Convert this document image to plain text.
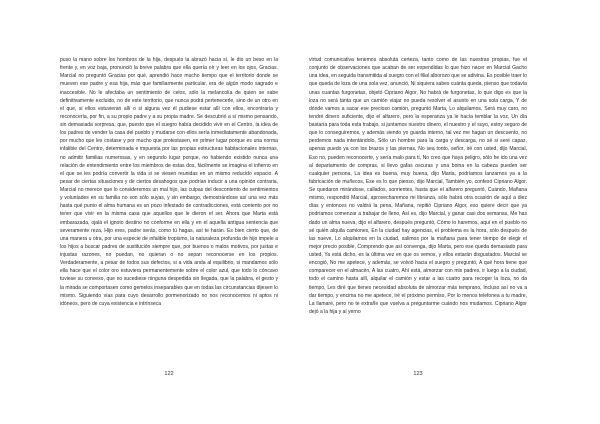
puso la mano sobre los hombros de la hija, después la abrazó hacia sí, le dio un beso en la frente y, en voz baja, pronunció la breve palabra que ella quería oír y leer en los ojos, Gracias. Marcial no preguntó Gracias por qué, aprendió hace mucho tiempo que el territorio donde se mueven ese padre y esa hija, más que familiarmente particular, era de algún modo sagrado e inaccesible. No le afectaba un sentimiento de celos, sólo la melancolía de quien se sabe definitivamente excluido, no de este territorio, que nunca podrá pertenecerle, sino de un otro en el que, si ellos estuvieran allí o si alguna vez él pudiese estar allí con ellos, encontraría y reconocería, por fin, a su propio padre y a su propia madre. Se descubrió a sí mismo pensando, sin demasiada sorpresa, que, puesto que el suegro había decidido vivir en el Centro, la idea de los padres de vender la casa del pueblo y mudarse con ellos sería inmediatamente abandonada, por mucho que les costase y por mucho que protestasen, en primer lugar porque es una norma infalible del Centro, determinada e impuesta por las propias estructuras habitacionales internas, no admitir familias numerosas, y en segundo lugar porque, no habiendo existido nunca una relación de entendimiento entre los miembros de estas dos, fácilmente se imagina el infierno en el que se les podría convertir la vida si se viesen reunidas en un mismo reducido espacio. A pesar de ciertas situaciones y de ciertos desahogos que podrían inducir a una opinión contraria, Marcial no merece que lo consideremos un mal hijo, las culpas del descontento de sentimientos y voluntades en su familia no son sólo suyas, y sin embargo, demostrándose así una vez más hasta qué punto el alma humana es un pozo infestado de contradicciones, está contento por no tener que vivir en la misma casa que aquellos que le dieron el ser. Ahora que Marta está embarazada, ojalá el ignoto destino no conforme en ella y en el aquella antigua sentencia que severamente reza, Hijo eres, padre serás, como tú hagas, así te harán. Es bien cierto que, de una manera u otra, por una especie de infalible tropismo, la naturaleza profunda de hijo impele a los hijos a buscar padres de sustitución siempre que, por buenos o malos motivos, por justas e injustas razones, no puedan, no quieran o no sepan reconocerse en los propios. Verdaderamente, a pesar de todos sus defectos, si a vida anda al equilibrio, si mandamos sólo ella hace que el color oro estuviera permanentemente sobre el color azul, que todo lo cóncavo tuviese su convexo, que no sucediese ninguna despedida sin llegada, que la palabra, el gesto y la mirada se comportasen como gemelos inseparables que en todas las circunstancias dijesen lo mismo. Siguiendo vías para cuyo desarrollo pormenorizado no nos reconocemos ni aptos ni idóneos, pero de cuya existencia e intrínseca

virtud comunicativa tenemos absoluta certeza, tanto como de las nuestras propias, fue el conjunto de observaciones que acaban de ser expendidas lo que hizo nacer en Marcial Gacho una idea, en seguida transmitida al suegro con el filial alborozo que se adivina. Es posible traer lo que queda de loza de una sola vez, anunció, Ni siquiera sabes cuánta queda, pienso que todavía unas cuantas furgonetas, objetó Cipriano Algor, No habrá de furgonetas, lo que digo es que la loza no será tanta que un camión viajar no pueda resolver el asunto en una sola carga, Y de dónde vamos a sacar ese precioso camión, preguntó Marta, Lo alquilamos, Será muy caro, no tendré dinero suficiente, dijo el alfarero, pero la esperanza ya le hacía temblar la voz, Un día bastaría para toda esta trabajo, si juntamos nuestro dinero, el nuestro y el suyo, estoy seguro de que lo conseguiremos, y además siendo yo guarda interno, tal vez me hagan un descuento, no perdemos nada intentándolo, Sólo un hombre para la carga y descarga, no sé si seré capaz, apenas puedo ya con los brazos y las piernas, No sea tonto, señor, iré con usted, dijo Marcial, Eso no, pueden reconocerte, y sería malo para ti, No creo que haya peligro, sólo he ido una vez al departamento de compras, si llevo gafas oscuras y una boina en la cabeza pueden ser cualquier persona, La idea es buena, muy buena, dijo Marta, podríamos lanzarnos ya a la fabricación de muñecos, Ese es lo que pienso, dijo Marcial, También yo, confesó Cipriano Algor. Se quedaron mirándose, callados, sonrientes, hasta que el alfarero preguntó, Cuándo, Mañana mismo, respondió Marcial, aprovecharemos mi libranza, sólo habrá otra ocasión de aquí a diez días y entonces no valdrá la pena, Mañana, repitió Cipriano Algor, eso quiere decir que ya podríamos comenzar a trabajar de lleno, Así es, dijo Marcial, y ganar casi dos semanas, Me has dado un alma nueva, dijo el alfarero, después preguntó, Cómo lo haremos, aquí en el pueblo no sé quién alquila camiones, En la ciudad hay agencias, el problema es la hora, sólo después de las nueve, Lo alquilamos en la ciudad, salimos por la mañana para tener tiempo de elegir el mejor precio posible, Comprendo que así convenga, dijo Marta, pero ese queda demasiado para usted, Ya está dicho, es la última vez en que os vemos, y ellos estarán disgustados. Marcial se encogió, No me apetece, y además, se volvió hacia el suegro y preguntó, A qué hora tiene que comparecer en el almacén, A las cuatro, Ahí está, almorzar con mis padres, ir luego a la ciudad, todo el camino hasta allí, alquilar el camión y estar a las cuatro para recoger la loza, no da tiempo, Les diré que tienes necesidad absoluta de almorzar más temprano, Incluso así no va a dar tiempo, y encima no me apetece, iré el próximo permiso, Por lo menos telefonea a tu madre, La llamaré, pero no te extrañe que vuelva a preguntarme cuándo nos mudamos. Cipriano Algor dejó a la hija y al yerno

122	123
